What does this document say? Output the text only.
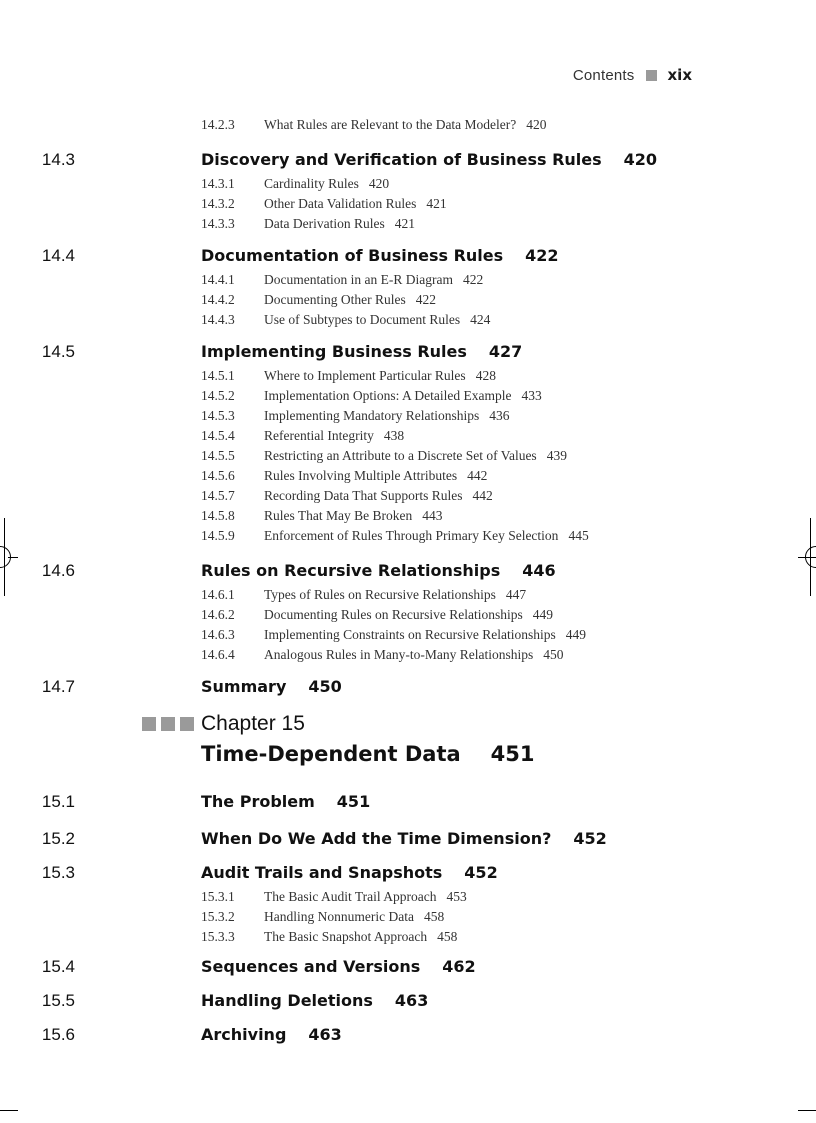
Contents xix
Chapter 15
Time-Dependent Data 451
14.2.3 What Rules are Relevant to the Data Modeler? 420
14.3	Discovery and Verification of Business Rules 420
14.3.1 Cardinality Rules 420
14.3.2 Other Data Validation Rules 421
14.3.3 Data Derivation Rules 421
14.4	Documentation of Business Rules 422
14.4.1 Documentation in an E-R Diagram 422
14.4.2 Documenting Other Rules 422
14.4.3 Use of Subtypes to Document Rules 424
14.5	Implementing Business Rules 427
14.5.1 Where to Implement Particular Rules 428
14.5.2 Implementation Options: A Detailed Example 433
14.5.3 Implementing Mandatory Relationships 436
14.5.4 Referential Integrity 438
14.5.5 Restricting an Attribute to a Discrete Set of Values 439
14.5.6 Rules Involving Multiple Attributes 442
14.5.7 Recording Data That Supports Rules 442
14.5.8 Rules That May Be Broken 443
14.5.9 Enforcement of Rules Through Primary Key Selection 445
14.6	Rules on Recursive Relationships 446
14.6.1 Types of Rules on Recursive Relationships 447
14.6.2 Documenting Rules on Recursive Relationships 449
14.6.3 Implementing Constraints on Recursive Relationships 449
14.6.4 Analogous Rules in Many-to-Many Relationships 450
14.7	Summary 450
15.1	The Problem 451
15.2	When Do We Add the Time Dimension? 452
15.3	Audit Trails and Snapshots 452
15.3.1 The Basic Audit Trail Approach 453
15.3.2 Handling Nonnumeric Data 458
15.3.3 The Basic Snapshot Approach 458
15.4	Sequences and Versions 462
15.5	Handling Deletions 463
15.6	Archiving 463
